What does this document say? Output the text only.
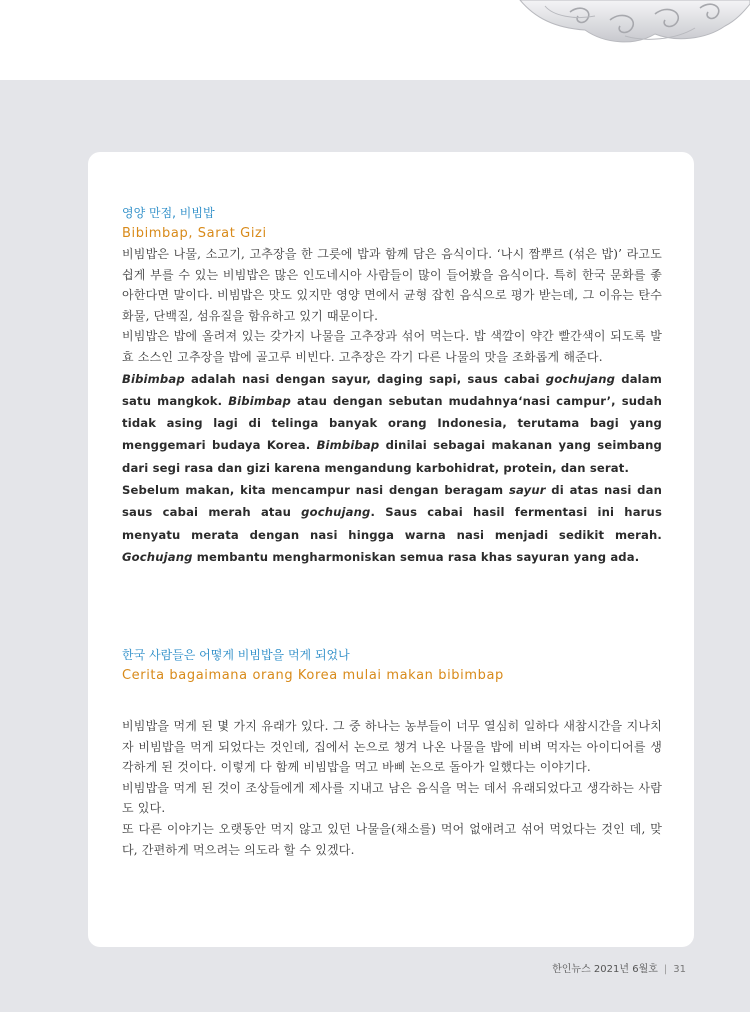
영양 만점, 비빔밥

Bibimbap, Sarat Gizi

비빔밥은 나물, 소고기, 고추장을 한 그릇에 밥과 함께 담은 음식이다. ‘나시 짬뿌르 (섞은 밥)’ 라고도 쉽게 부를 수 있는 비빔밥은 많은 인도네시아 사람들이 많이 들어봤을 음식이다. 특히 한국 문화를 좋아한다면 말이다. 비빔밥은 맛도 있지만 영양 면에서 균형 잡힌 음식으로 평가 받는데, 그 이유는 탄수화물, 단백질, 섬유질을 함유하고 있기 때문이다.

비빔밥은 밥에 올려져 있는 갖가지 나물을 고추장과 섞어 먹는다. 밥 색깔이 약간 빨간색이 되도록 발효 소스인 고추장을 밥에 골고루 비빈다. 고추장은 각기 다른 나물의 맛을 조화롭게 해준다.

Bibimbap adalah nasi dengan sayur, daging sapi, saus cabai gochujang dalam satu mangkok. Bibimbap atau dengan sebutan mudahnya‘nasi campur’, sudah tidak asing lagi di telinga banyak orang Indonesia, terutama bagi yang menggemari budaya Korea. Bimbibap dinilai sebagai makanan yang seimbang dari segi rasa dan gizi karena mengandung karbohidrat, protein, dan serat.

Sebelum makan, kita mencampur nasi dengan beragam sayur di atas nasi dan saus cabai merah atau gochujang. Saus cabai hasil fermentasi ini harus menyatu merata dengan nasi hingga warna nasi menjadi sedikit merah. Gochujang membantu mengharmoniskan semua rasa khas sayuran yang ada.

한국 사람들은 어떻게 비빔밥을 먹게 되었나

Cerita bagaimana orang Korea mulai makan bibimbap

비빔밥을 먹게 된 몇 가지 유래가 있다. 그 중 하나는 농부들이 너무 열심히 일하다 새참시간을 지나치자 비빔밥을 먹게 되었다는 것인데, 집에서 논으로 챙겨 나온 나물을 밥에 비벼 먹자는 아이디어를 생각하게 된 것이다. 이렇게 다 함께 비빔밥을 먹고 바삐 논으로 돌아가 일했다는 이야기다.

비빔밥을 먹게 된 것이 조상들에게 제사를 지내고 남은 음식을 먹는 데서 유래되었다고 생각하는 사람도 있다.

또 다른 이야기는 오랫동안 먹지 않고 있던 나물을(채소를) 먹어 없애려고 섞어 먹었다는 것인 데, 맞다, 간편하게 먹으려는 의도라 할 수 있겠다.

한인뉴스 2021년 6월호 | 31
